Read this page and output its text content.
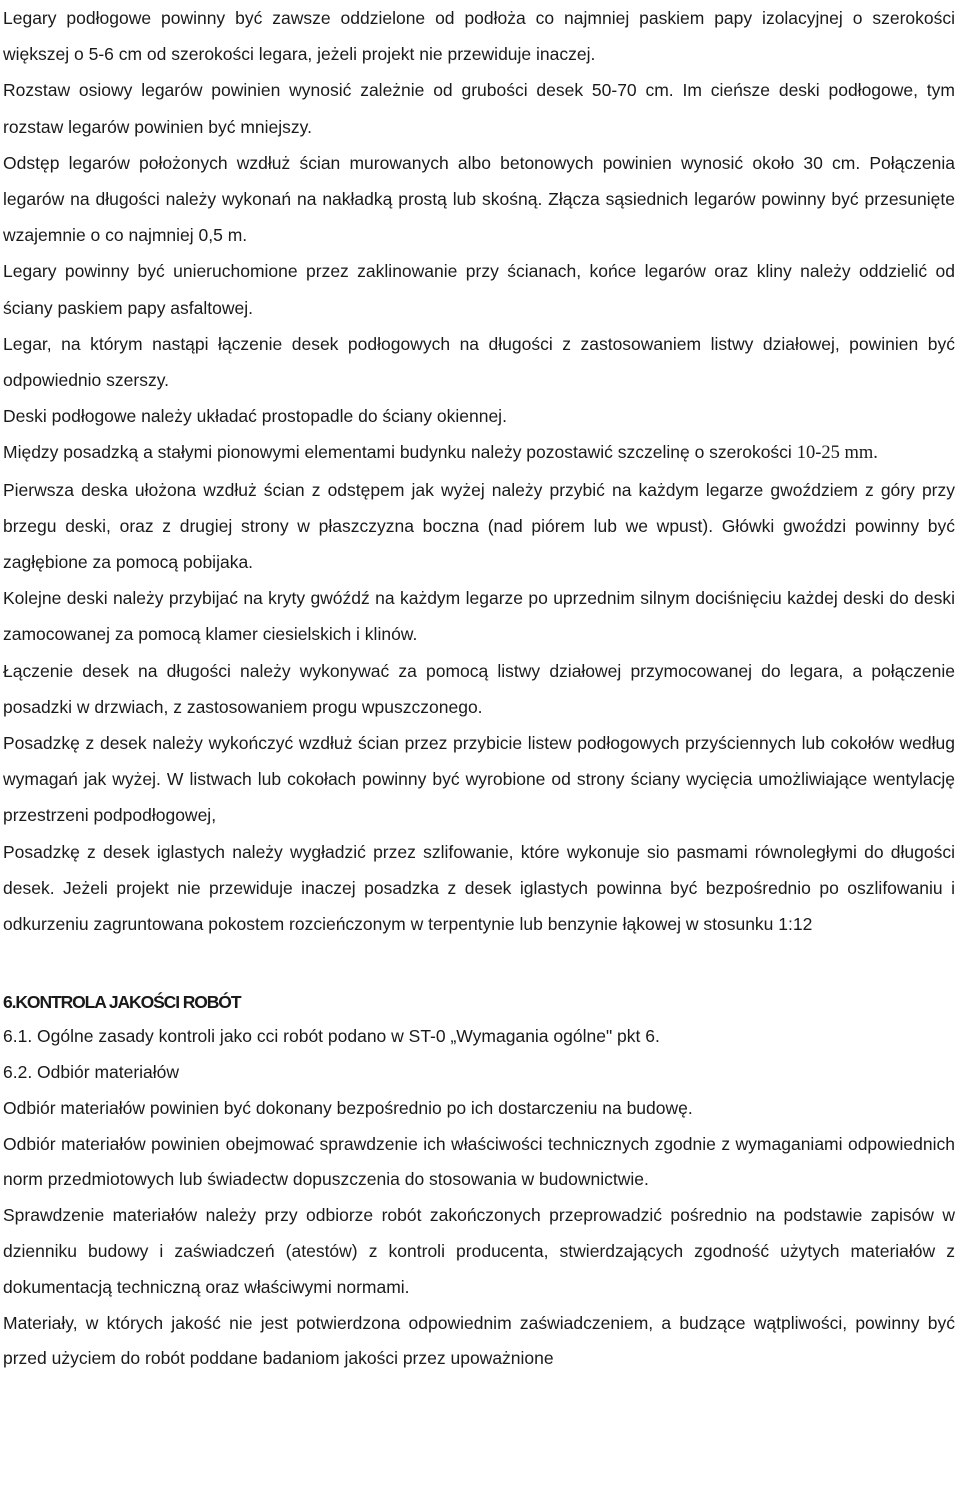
Legary podłogowe powinny być zawsze oddzielone od podłoża co najmniej paskiem papy izolacyjnej o szerokości większej o 5-6 cm od szerokości legara, jeżeli projekt nie przewiduje inaczej.

Rozstaw osiowy legarów powinien wynosić zależnie od grubości desek 50-70 cm. Im cieńsze deski podłogowe, tym rozstaw legarów powinien być mniejszy.

Odstęp legarów położonych wzdłuż ścian murowanych albo betonowych powinien wynosić około 30 cm. Połączenia legarów na długości należy wykonań na nakładką prostą lub skośną. Złącza sąsiednich legarów powinny być przesunięte wzajemnie o co najmniej 0,5 m.

Legary powinny być unieruchomione przez zaklinowanie przy ścianach, końce legarów oraz kliny należy oddzielić od ściany paskiem papy asfaltowej.

Legar, na którym nastąpi łączenie desek podłogowych na długości z zastosowaniem listwy działowej, powinien być odpowiednio szerszy.

Deski podłogowe należy układać prostopadle do ściany okiennej.

Między posadzką a stałymi pionowymi elementami budynku należy pozostawić szczelinę o szerokości 10-25 mm.

Pierwsza deska ułożona wzdłuż ścian z odstępem jak wyżej należy przybić na każdym legarze gwoździem z góry przy brzegu deski, oraz z drugiej strony w płaszczyzna boczna (nad piórem lub we wpust). Główki gwoździ powinny być zagłębione za pomocą pobijaka.

Kolejne deski należy przybijać na kryty gwóźdź na każdym legarze po uprzednim silnym dociśnięciu każdej deski do deski zamocowanej za pomocą klamer ciesielskich i klinów.

Łączenie desek na długości należy wykonywać za pomocą listwy działowej przymocowanej do legara, a połączenie posadzki w drzwiach, z zastosowaniem progu wpuszczonego.

Posadzkę z desek należy wykończyć wzdłuż ścian przez przybicie listew podłogowych przyściennych lub cokołów według wymagań jak wyżej. W listwach lub cokołach powinny być wyrobione od strony ściany wycięcia umożliwiające wentylację przestrzeni podpodłogowej,

Posadzkę z desek iglastych należy wygładzić przez szlifowanie, które wykonuje sio pasmami równoległymi do długości desek. Jeżeli projekt nie przewiduje inaczej posadzka z desek iglastych powinna być bezpośrednio po oszlifowaniu i odkurzeniu zagruntowana pokostem rozcieńczonym w terpentynie lub benzynie łąkowej w stosunku 1:12

6.KONTROLA JAKOŚCI ROBÓT

6.1. Ogólne zasady kontroli jako cci robót podano w ST-0 „Wymagania ogólne" pkt 6.

6.2. Odbiór materiałów

Odbiór materiałów powinien być dokonany bezpośrednio po ich dostarczeniu na budowę.

Odbiór materiałów powinien obejmować sprawdzenie ich właściwości technicznych zgodnie z wymaganiami odpowiednich norm przedmiotowych lub świadectw dopuszczenia do stosowania w budownictwie.

Sprawdzenie materiałów należy przy odbiorze robót zakończonych przeprowadzić pośrednio na podstawie zapisów w dzienniku budowy i zaświadczeń (atestów) z kontroli producenta, stwierdzających zgodność użytych materiałów z dokumentacją techniczną oraz właściwymi normami.

Materiały, w których jakość nie jest potwierdzona odpowiednim zaświadczeniem, a budzące wątpliwości, powinny być przed użyciem do robót poddane badaniom jakości przez upoważnione
